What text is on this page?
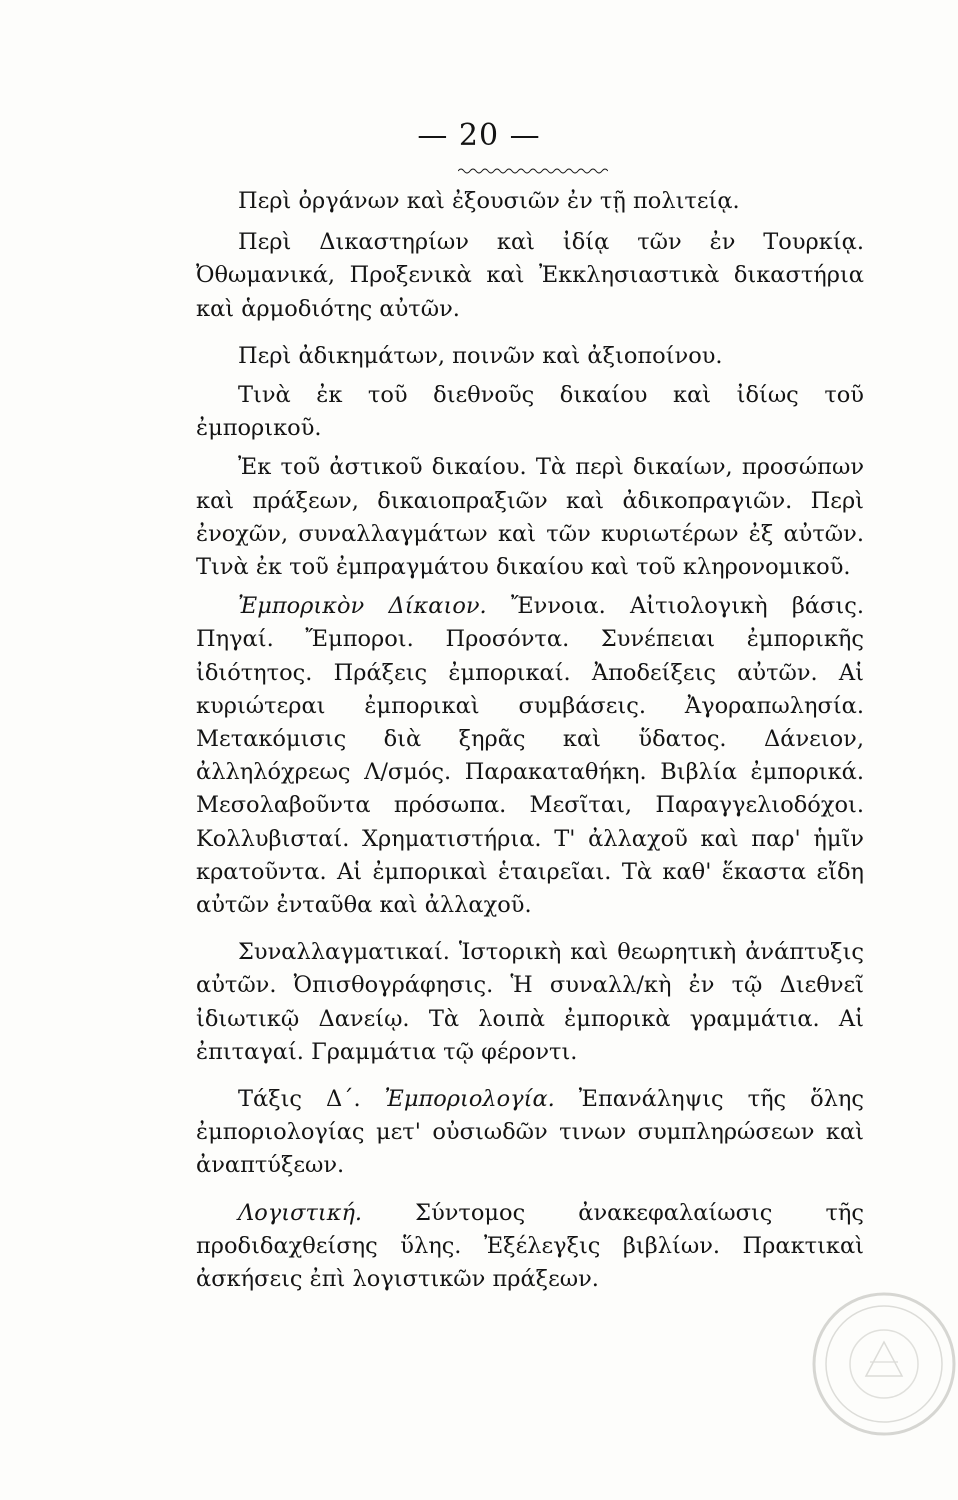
— 20 —

Περὶ ὀργάνων καὶ ἐξουσιῶν ἐν τῇ πολιτείᾳ.

Περὶ Δικαστηρίων καὶ ἰδίᾳ τῶν ἐν Τουρκίᾳ. Ὀθωμανικά, Προξενικὰ καὶ Ἐκκλησιαστικὰ δικαστήρια καὶ ἁρμοδιότης αὐτῶν.

Περὶ ἀδικημάτων, ποινῶν καὶ ἀξιοποίνου.

Τινὰ ἐκ τοῦ διεθνοῦς δικαίου καὶ ἰδίως τοῦ ἐμπορικοῦ.

Ἐκ τοῦ ἀστικοῦ δικαίου. Τὰ περὶ δικαίων, προσώπων καὶ πράξεων, δικαιοπραξιῶν καὶ ἀδικοπραγιῶν. Περὶ ἐνοχῶν, συναλλαγμάτων καὶ τῶν κυριωτέρων ἐξ αὐτῶν. Τινὰ ἐκ τοῦ ἐμπραγμάτου δικαίου καὶ τοῦ κληρονομικοῦ.

Ἐμπορικὸν Δίκαιον. Ἔννοια. Αἰτιολογικὴ βάσις. Πηγαί. Ἔμποροι. Προσόντα. Συνέπειαι ἐμπορικῆς ἰδιότητος. Πράξεις ἐμπορικαί. Ἀποδείξεις αὐτῶν. Αἱ κυριώτεραι ἐμπορικαὶ συμβάσεις. Ἀγοραπωλησία. Μετακόμισις διὰ ξηρᾶς καὶ ὕδατος. Δάνειον, ἀλληλόχρεως Λ/σμός. Παρακαταθήκη. Βιβλία ἐμπορικά. Μεσολαβοῦντα πρόσωπα. Μεσῖται, Παραγγελιοδόχοι. Κολλυβισταί. Χρηματιστήρια. Τ' ἀλλαχοῦ καὶ παρ' ἡμῖν κρατοῦντα. Αἱ ἐμπορικαὶ ἑταιρεῖαι. Τὰ καθ' ἕκαστα εἴδη αὐτῶν ἐνταῦθα καὶ ἀλλαχοῦ.

Συναλλαγματικαί. Ἱστορικὴ καὶ θεωρητικὴ ἀνάπτυξις αὐτῶν. Ὀπισθογράφησις. Ἡ συναλλ/κὴ ἐν τῷ Διεθνεῖ ἰδιωτικῷ Δανείῳ. Τὰ λοιπὰ ἐμπορικὰ γραμμάτια. Αἱ ἐπιταγαί. Γραμμάτια τῷ φέροντι.

Τάξις Δ΄. Ἐμποριολογία. Ἐπανάληψις τῆς ὅλης ἐμποριολογίας μετ' οὐσιωδῶν τινων συμπληρώσεων καὶ ἀναπτύξεων.

Λογιστική. Σύντομος ἀνακεφαλαίωσις τῆς προδιδαχθείσης ὕλης. Ἐξέλεγξις βιβλίων. Πρακτικαὶ ἀσκήσεις ἐπὶ λογιστικῶν πράξεων.
